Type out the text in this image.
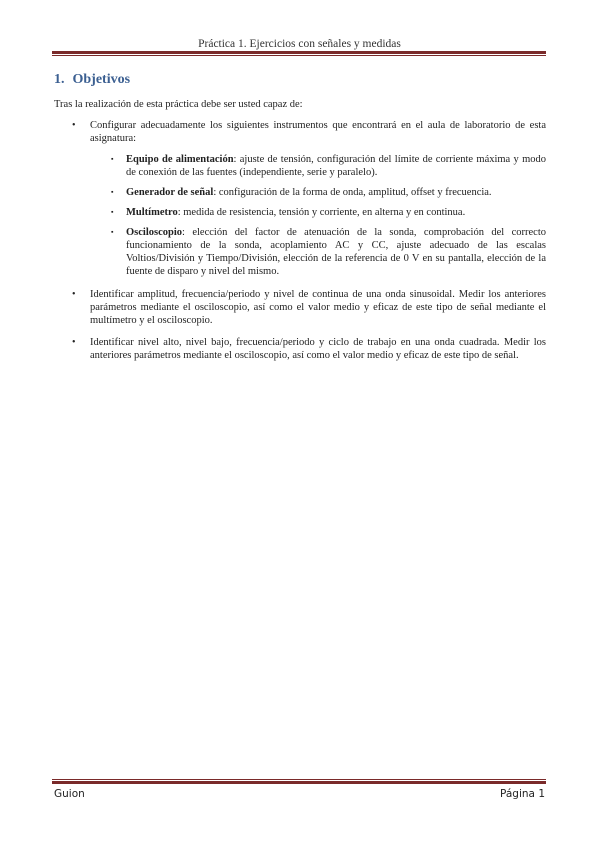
Práctica 1. Ejercicios con señales y medidas
1. Objetivos
Tras la realización de esta práctica debe ser usted capaz de:
• Configurar adecuadamente los siguientes instrumentos que encontrará en el aula de laboratorio de esta asignatura:
▪ Equipo de alimentación: ajuste de tensión, configuración del límite de corriente máxima y modo de conexión de las fuentes (independiente, serie y paralelo).
▪ Generador de señal: configuración de la forma de onda, amplitud, offset y frecuencia.
▪ Multímetro: medida de resistencia, tensión y corriente, en alterna y en continua.
▪ Osciloscopio: elección del factor de atenuación de la sonda, comprobación del correcto funcionamiento de la sonda, acoplamiento AC y CC, ajuste adecuado de las escalas Voltios/División y Tiempo/División, elección de la referencia de 0 V en su pantalla, elección de la fuente de disparo y nivel del mismo.
• Identificar amplitud, frecuencia/periodo y nivel de continua de una onda sinusoidal. Medir los anteriores parámetros mediante el osciloscopio, así como el valor medio y eficaz de este tipo de señal mediante el multímetro y el osciloscopio.
• Identificar nivel alto, nivel bajo, frecuencia/periodo y ciclo de trabajo en una onda cuadrada. Medir los anteriores parámetros mediante el osciloscopio, así como el valor medio y eficaz de este tipo de señal.
Guion	Página 1
